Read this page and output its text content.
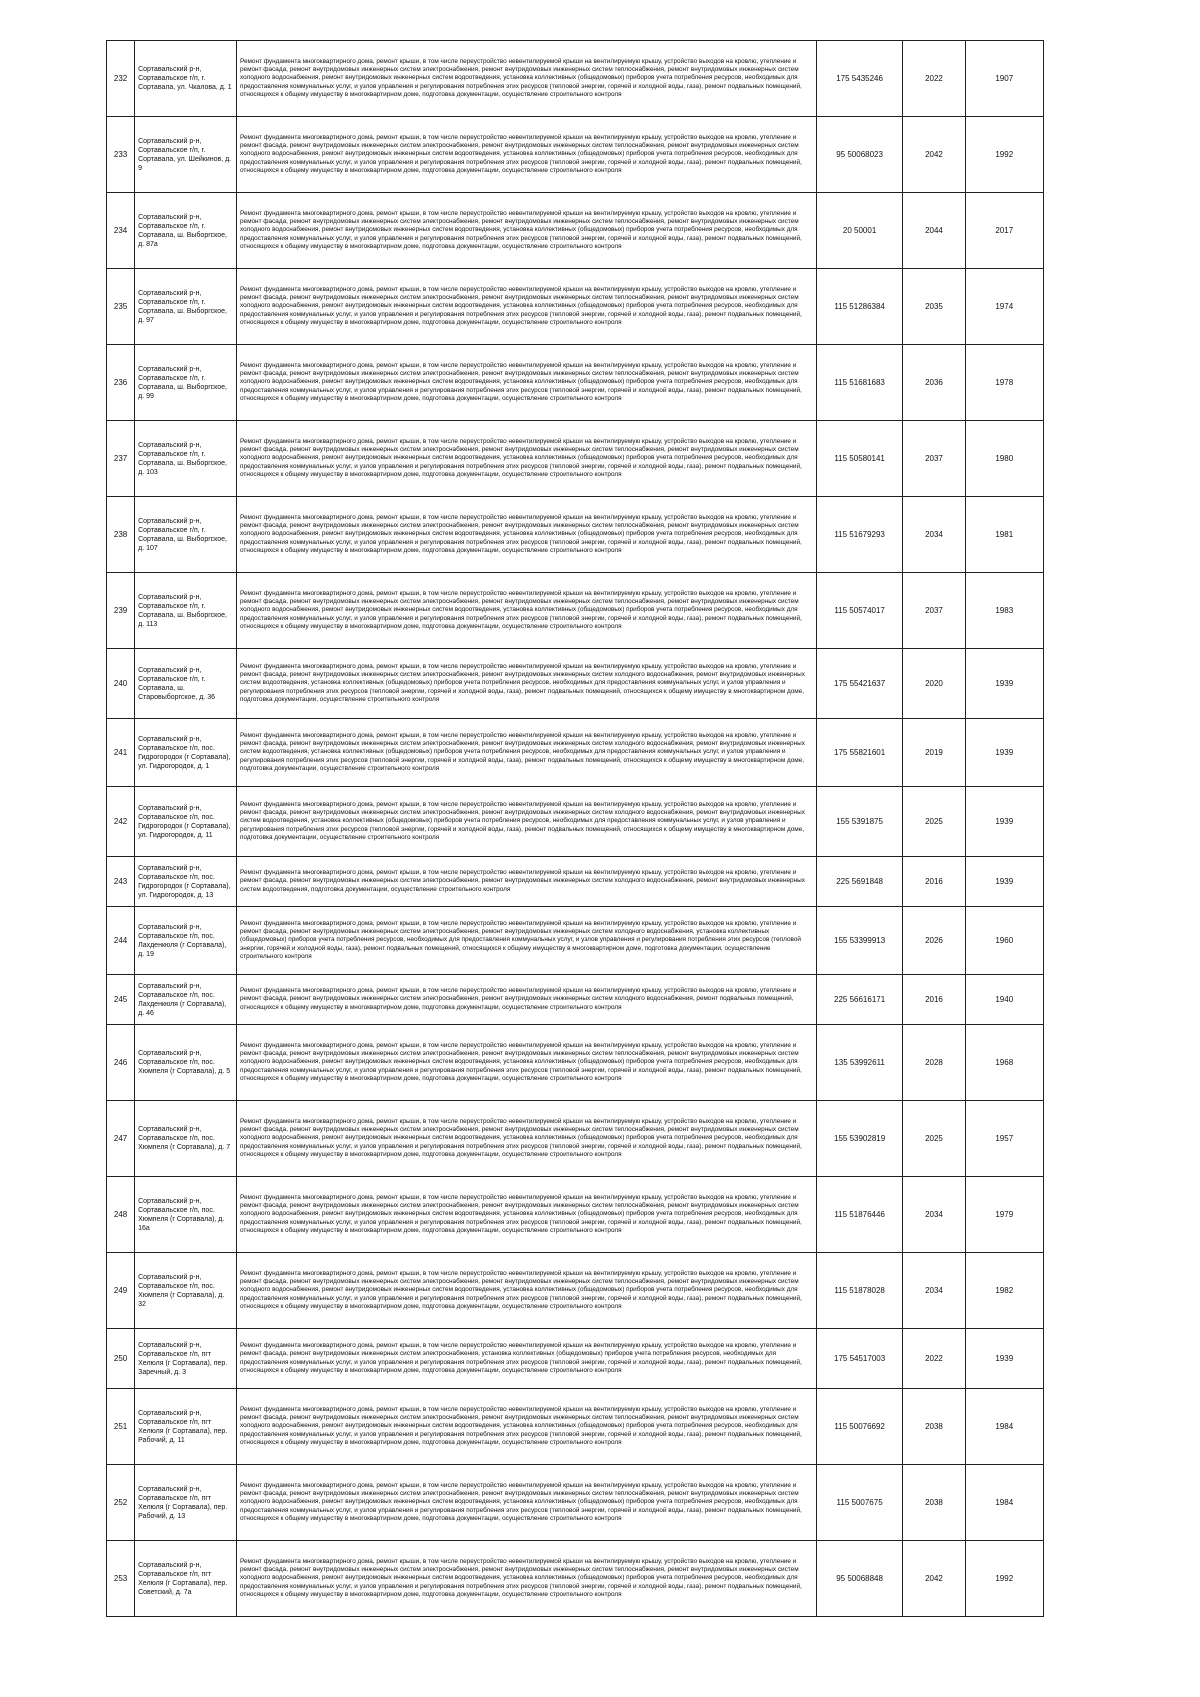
232	Сортавальский р-н, Сортавальское г/п, г. Сортавала, ул. Чкалова, д. 1	Ремонт фундамента многоквартирного дома, ремонт крыши, в том числе переустройство невентилируемой крыши на вентилируемую крышу, устройство выходов на кровлю, утепление и ремонт фасада, ремонт внутридомовых инженерных систем электроснабжения, ремонт внутридомовых инженерных систем теплоснабжения, ремонт внутридомовых инженерных систем холодного водоснабжения, ремонт внутридомовых инженерных систем водоотведения, установка коллективных (общедомовых) приборов учета потребления ресурсов, необходимых для предоставления коммунальных услуг, и узлов управления и регулирования потребления этих ресурсов (тепловой энергии, горячей и холодной воды, газа), ремонт подвальных помещений, относящихся к общему имуществу в многоквартирном доме, подготовка документации, осуществление строительного контроля	175 5435246	2022	1907
233	Сортавальский р-н, Сортавальское г/п, г. Сортавала, ул. Шейкинов, д. 9	Ремонт фундамента многоквартирного дома, ремонт крыши, в том числе переустройство невентилируемой крыши на вентилируемую крышу, устройство выходов на кровлю, утепление и ремонт фасада, ремонт внутридомовых инженерных систем электроснабжения, ремонт внутридомовых инженерных систем теплоснабжения, ремонт внутридомовых инженерных систем холодного водоснабжения, ремонт внутридомовых инженерных систем водоотведения, установка коллективных (общедомовых) приборов учета потребления ресурсов, необходимых для предоставления коммунальных услуг, и узлов управления и регулирования потребления этих ресурсов (тепловой энергии, горячей и холодной воды, газа), ремонт подвальных помещений, относящихся к общему имуществу в многоквартирном доме, подготовка документации, осуществление строительного контроля	95 50068023	2042	1992
234	Сортавальский р-н, Сортавальское г/п, г. Сортавала, ш. Выборгское, д. 87а	Ремонт фундамента многоквартирного дома, ремонт крыши, в том числе переустройство невентилируемой крыши на вентилируемую крышу, устройство выходов на кровлю, утепление и ремонт фасада, ремонт внутридомовых инженерных систем электроснабжения, ремонт внутридомовых инженерных систем теплоснабжения, ремонт внутридомовых инженерных систем холодного водоснабжения, ремонт внутридомовых инженерных систем водоотведения, установка коллективных (общедомовых) приборов учета потребления ресурсов, необходимых для предоставления коммунальных услуг, и узлов управления и регулирования потребления этих ресурсов (тепловой энергии, горячей и холодной воды, газа), ремонт подвальных помещений, относящихся к общему имуществу в многоквартирном доме, подготовка документации, осуществление строительного контроля	20 50001	2044	2017
235	Сортавальский р-н, Сортавальское г/п, г. Сортавала, ш. Выборгское, д. 97	Ремонт фундамента многоквартирного дома, ремонт крыши, в том числе переустройство невентилируемой крыши на вентилируемую крышу, устройство выходов на кровлю, утепление и ремонт фасада, ремонт внутридомовых инженерных систем электроснабжения, ремонт внутридомовых инженерных систем теплоснабжения, ремонт внутридомовых инженерных систем холодного водоснабжения, ремонт внутридомовых инженерных систем водоотведения, установка коллективных (общедомовых) приборов учета потребления ресурсов, необходимых для предоставления коммунальных услуг, и узлов управления и регулирования потребления этих ресурсов (тепловой энергии, горячей и холодной воды, газа), ремонт подвальных помещений, относящихся к общему имуществу в многоквартирном доме, подготовка документации, осуществление строительного контроля	115 51286384	2035	1974
236	Сортавальский р-н, Сортавальское г/п, г. Сортавала, ш. Выборгское, д. 99	Ремонт фундамента многоквартирного дома, ремонт крыши, в том числе переустройство невентилируемой крыши на вентилируемую крышу, устройство выходов на кровлю, утепление и ремонт фасада, ремонт внутридомовых инженерных систем электроснабжения, ремонт внутридомовых инженерных систем теплоснабжения, ремонт внутридомовых инженерных систем холодного водоснабжения, ремонт внутридомовых инженерных систем водоотведения, установка коллективных (общедомовых) приборов учета потребления ресурсов, необходимых для предоставления коммунальных услуг, и узлов управления и регулирования потребления этих ресурсов (тепловой энергии, горячей и холодной воды, газа), ремонт подвальных помещений, относящихся к общему имуществу в многоквартирном доме, подготовка документации, осуществление строительного контроля	115 51681683	2036	1978
237	Сортавальский р-н, Сортавальское г/п, г. Сортавала, ш. Выборгское, д. 103	Ремонт фундамента многоквартирного дома, ремонт крыши, в том числе переустройство невентилируемой крыши на вентилируемую крышу, устройство выходов на кровлю, утепление и ремонт фасада, ремонт внутридомовых инженерных систем электроснабжения, ремонт внутридомовых инженерных систем теплоснабжения, ремонт внутридомовых инженерных систем холодного водоснабжения, ремонт внутридомовых инженерных систем водоотведения, установка коллективных (общедомовых) приборов учета потребления ресурсов, необходимых для предоставления коммунальных услуг, и узлов управления и регулирования потребления этих ресурсов (тепловой энергии, горячей и холодной воды, газа), ремонт подвальных помещений, относящихся к общему имуществу в многоквартирном доме, подготовка документации, осуществление строительного контроля	115 50580141	2037	1980
238	Сортавальский р-н, Сортавальское г/п, г. Сортавала, ш. Выборгское, д. 107	Ремонт фундамента многоквартирного дома, ремонт крыши, в том числе переустройство невентилируемой крыши на вентилируемую крышу, устройство выходов на кровлю, утепление и ремонт фасада, ремонт внутридомовых инженерных систем электроснабжения, ремонт внутридомовых инженерных систем теплоснабжения, ремонт внутридомовых инженерных систем холодного водоснабжения, ремонт внутридомовых инженерных систем водоотведения, установка коллективных (общедомовых) приборов учета потребления ресурсов, необходимых для предоставления коммунальных услуг, и узлов управления и регулирования потребления этих ресурсов (тепловой энергии, горячей и холодной воды, газа), ремонт подвальных помещений, относящихся к общему имуществу в многоквартирном доме, подготовка документации, осуществление строительного контроля	115 51679293	2034	1981
239	Сортавальский р-н, Сортавальское г/п, г. Сортавала, ш. Выборгское, д. 113	Ремонт фундамента многоквартирного дома, ремонт крыши, в том числе переустройство невентилируемой крыши на вентилируемую крышу, устройство выходов на кровлю, утепление и ремонт фасада, ремонт внутридомовых инженерных систем электроснабжения, ремонт внутридомовых инженерных систем теплоснабжения, ремонт внутридомовых инженерных систем холодного водоснабжения, ремонт внутридомовых инженерных систем водоотведения, установка коллективных (общедомовых) приборов учета потребления ресурсов, необходимых для предоставления коммунальных услуг, и узлов управления и регулирования потребления этих ресурсов (тепловой энергии, горячей и холодной воды, газа), ремонт подвальных помещений, относящихся к общему имуществу в многоквартирном доме, подготовка документации, осуществление строительного контроля	115 50574017	2037	1983
240	Сортавальский р-н, Сортавальское г/п, г. Сортавала, ш. Старовыборгское, д. 36	Ремонт фундамента многоквартирного дома, ремонт крыши, в том числе переустройство невентилируемой крыши на вентилируемую крышу, устройство выходов на кровлю, утепление и ремонт фасада, ремонт внутридомовых инженерных систем электроснабжения, ремонт внутридомовых инженерных систем холодного водоснабжения, ремонт внутридомовых инженерных систем водоотведения, установка коллективных (общедомовых) приборов учета потребления ресурсов, необходимых для предоставления коммунальных услуг, и узлов управления и регулирования потребления этих ресурсов (тепловой энергии, горячей и холодной воды, газа), ремонт подвальных помещений, относящихся к общему имуществу в многоквартирном доме, подготовка документации, осуществление строительного контроля	175 55421637	2020	1939
241	Сортавальский р-н, Сортавальское г/п, пос. Гидрогородок (г Сортавала), ул. Гидрогородок, д. 1	Ремонт фундамента многоквартирного дома, ремонт крыши, в том числе переустройство невентилируемой крыши на вентилируемую крышу, устройство выходов на кровлю, утепление и ремонт фасада, ремонт внутридомовых инженерных систем электроснабжения, ремонт внутридомовых инженерных систем холодного водоснабжения, ремонт внутридомовых инженерных систем водоотведения, установка коллективных (общедомовых) приборов учета потребления ресурсов, необходимых для предоставления коммунальных услуг, и узлов управления и регулирования потребления этих ресурсов (тепловой энергии, горячей и холодной воды, газа), ремонт подвальных помещений, относящихся к общему имуществу в многоквартирном доме, подготовка документации, осуществление строительного контроля	175 55821601	2019	1939
242	Сортавальский р-н, Сортавальское г/п, пос. Гидрогородок (г Сортавала), ул. Гидрогородок, д. 11	Ремонт фундамента многоквартирного дома, ремонт крыши, в том числе переустройство невентилируемой крыши на вентилируемую крышу, устройство выходов на кровлю, утепление и ремонт фасада, ремонт внутридомовых инженерных систем электроснабжения, ремонт внутридомовых инженерных систем холодного водоснабжения, ремонт внутридомовых инженерных систем водоотведения, установка коллективных (общедомовых) приборов учета потребления ресурсов, необходимых для предоставления коммунальных услуг, и узлов управления и регулирования потребления этих ресурсов (тепловой энергии, горячей и холодной воды, газа), ремонт подвальных помещений, относящихся к общему имуществу в многоквартирном доме, подготовка документации, осуществление строительного контроля	155 5391875	2025	1939
243	Сортавальский р-н, Сортавальское г/п, пос. Гидрогородок (г Сортавала), ул. Гидрогородок, д. 13	Ремонт фундамента многоквартирного дома, ремонт крыши, в том числе переустройство невентилируемой крыши на вентилируемую крышу, устройство выходов на кровлю, утепление и ремонт фасада, ремонт внутридомовых инженерных систем электроснабжения, ремонт внутридомовых инженерных систем холодного водоснабжения, ремонт внутридомовых инженерных систем водоотведения, подготовка документации, осуществление строительного контроля	225 5691848	2016	1939
244	Сортавальский р-н, Сортавальское г/п, пос. Лахденкюля (г Сортавала), д. 19	Ремонт фундамента многоквартирного дома, ремонт крыши, в том числе переустройство невентилируемой крыши на вентилируемую крышу, устройство выходов на кровлю, утепление и ремонт фасада, ремонт внутридомовых инженерных систем электроснабжения, ремонт внутридомовых инженерных систем холодного водоснабжения, установка коллективных (общедомовых) приборов учета потребления ресурсов, необходимых для предоставления коммунальных услуг, и узлов управления и регулирования потребления этих ресурсов (тепловой энергии, горячей и холодной воды, газа), ремонт подвальных помещений, относящихся к общему имуществу в многоквартирном доме, подготовка документации, осуществление строительного контроля	155 53399913	2026	1960
245	Сортавальский р-н, Сортавальское г/п, пос. Лахденкюля (г Сортавала), д. 46	Ремонт фундамента многоквартирного дома, ремонт крыши, в том числе переустройство невентилируемой крыши на вентилируемую крышу, устройство выходов на кровлю, утепление и ремонт фасада, ремонт внутридомовых инженерных систем электроснабжения, ремонт внутридомовых инженерных систем холодного водоснабжения, ремонт подвальных помещений, относящихся к общему имуществу в многоквартирном доме, подготовка документации, осуществление строительного контроля	225 56616171	2016	1940
246	Сортавальский р-н, Сортавальское г/п, пос. Хюмпеля (г Сортавала), д. 5	Ремонт фундамента многоквартирного дома, ремонт крыши, в том числе переустройство невентилируемой крыши на вентилируемую крышу, устройство выходов на кровлю, утепление и ремонт фасада, ремонт внутридомовых инженерных систем электроснабжения, ремонт внутридомовых инженерных систем теплоснабжения, ремонт внутридомовых инженерных систем холодного водоснабжения, ремонт внутридомовых инженерных систем водоотведения, установка коллективных (общедомовых) приборов учета потребления ресурсов, необходимых для предоставления коммунальных услуг, и узлов управления и регулирования потребления этих ресурсов (тепловой энергии, горячей и холодной воды, газа), ремонт подвальных помещений, относящихся к общему имуществу в многоквартирном доме, подготовка документации, осуществление строительного контроля	135 53992611	2028	1968
247	Сортавальский р-н, Сортавальское г/п, пос. Хюмпеля (г Сортавала), д. 7	Ремонт фундамента многоквартирного дома, ремонт крыши, в том числе переустройство невентилируемой крыши на вентилируемую крышу, устройство выходов на кровлю, утепление и ремонт фасада, ремонт внутридомовых инженерных систем электроснабжения, ремонт внутридомовых инженерных систем теплоснабжения, ремонт внутридомовых инженерных систем холодного водоснабжения, ремонт внутридомовых инженерных систем водоотведения, установка коллективных (общедомовых) приборов учета потребления ресурсов, необходимых для предоставления коммунальных услуг, и узлов управления и регулирования потребления этих ресурсов (тепловой энергии, горячей и холодной воды, газа), ремонт подвальных помещений, относящихся к общему имуществу в многоквартирном доме, подготовка документации, осуществление строительного контроля	155 53902819	2025	1957
248	Сортавальский р-н, Сортавальское г/п, пос. Хюмпеля (г Сортавала), д. 16а	Ремонт фундамента многоквартирного дома, ремонт крыши, в том числе переустройство невентилируемой крыши на вентилируемую крышу, устройство выходов на кровлю, утепление и ремонт фасада, ремонт внутридомовых инженерных систем электроснабжения, ремонт внутридомовых инженерных систем теплоснабжения, ремонт внутридомовых инженерных систем холодного водоснабжения, ремонт внутридомовых инженерных систем водоотведения, установка коллективных (общедомовых) приборов учета потребления ресурсов, необходимых для предоставления коммунальных услуг, и узлов управления и регулирования потребления этих ресурсов (тепловой энергии, горячей и холодной воды, газа), ремонт подвальных помещений, относящихся к общему имуществу в многоквартирном доме, подготовка документации, осуществление строительного контроля	115 51876446	2034	1979
249	Сортавальский р-н, Сортавальское г/п, пос. Хюмпеля (г Сортавала), д. 32	Ремонт фундамента многоквартирного дома, ремонт крыши, в том числе переустройство невентилируемой крыши на вентилируемую крышу, устройство выходов на кровлю, утепление и ремонт фасада, ремонт внутридомовых инженерных систем электроснабжения, ремонт внутридомовых инженерных систем теплоснабжения, ремонт внутридомовых инженерных систем холодного водоснабжения, ремонт внутридомовых инженерных систем водоотведения, установка коллективных (общедомовых) приборов учета потребления ресурсов, необходимых для предоставления коммунальных услуг, и узлов управления и регулирования потребления этих ресурсов (тепловой энергии, горячей и холодной воды, газа), ремонт подвальных помещений, относящихся к общему имуществу в многоквартирном доме, подготовка документации, осуществление строительного контроля	115 51878028	2034	1982
250	Сортавальский р-н, Сортавальское г/п, пгт Хелюля (г Сортавала), пер. Заречный, д. 3	Ремонт фундамента многоквартирного дома, ремонт крыши, в том числе переустройство невентилируемой крыши на вентилируемую крышу, устройство выходов на кровлю, утепление и ремонт фасада, ремонт внутридомовых инженерных систем электроснабжения, установка коллективных (общедомовых) приборов учета потребления ресурсов, необходимых для предоставления коммунальных услуг, и узлов управления и регулирования потребления этих ресурсов (тепловой энергии, горячей и холодной воды, газа), ремонт подвальных помещений, относящихся к общему имуществу в многоквартирном доме, подготовка документации, осуществление строительного контроля	175 54517003	2022	1939
251	Сортавальский р-н, Сортавальское г/п, пгт Хелюля (г Сортавала), пер. Рабочий, д. 11	Ремонт фундамента многоквартирного дома, ремонт крыши, в том числе переустройство невентилируемой крыши на вентилируемую крышу, устройство выходов на кровлю, утепление и ремонт фасада, ремонт внутридомовых инженерных систем электроснабжения, ремонт внутридомовых инженерных систем теплоснабжения, ремонт внутридомовых инженерных систем холодного водоснабжения, ремонт внутридомовых инженерных систем водоотведения, установка коллективных (общедомовых) приборов учета потребления ресурсов, необходимых для предоставления коммунальных услуг, и узлов управления и регулирования потребления этих ресурсов (тепловой энергии, горячей и холодной воды, газа), ремонт подвальных помещений, относящихся к общему имуществу в многоквартирном доме, подготовка документации, осуществление строительного контроля	115 50076692	2038	1984
252	Сортавальский р-н, Сортавальское г/п, пгт Хелюля (г Сортавала), пер. Рабочий, д. 13	Ремонт фундамента многоквартирного дома, ремонт крыши, в том числе переустройство невентилируемой крыши на вентилируемую крышу, устройство выходов на кровлю, утепление и ремонт фасада, ремонт внутридомовых инженерных систем электроснабжения, ремонт внутридомовых инженерных систем теплоснабжения, ремонт внутридомовых инженерных систем холодного водоснабжения, ремонт внутридомовых инженерных систем водоотведения, установка коллективных (общедомовых) приборов учета потребления ресурсов, необходимых для предоставления коммунальных услуг, и узлов управления и регулирования потребления этих ресурсов (тепловой энергии, горячей и холодной воды, газа), ремонт подвальных помещений, относящихся к общему имуществу в многоквартирном доме, подготовка документации, осуществление строительного контроля	115 5007675	2038	1984
253	Сортавальский р-н, Сортавальское г/п, пгт Хелюля (г Сортавала), пер. Советский, д. 7а	Ремонт фундамента многоквартирного дома, ремонт крыши, в том числе переустройство невентилируемой крыши на вентилируемую крышу, устройство выходов на кровлю, утепление и ремонт фасада, ремонт внутридомовых инженерных систем электроснабжения, ремонт внутридомовых инженерных систем теплоснабжения, ремонт внутридомовых инженерных систем холодного водоснабжения, ремонт внутридомовых инженерных систем водоотведения, установка коллективных (общедомовых) приборов учета потребления ресурсов, необходимых для предоставления коммунальных услуг, и узлов управления и регулирования потребления этих ресурсов (тепловой энергии, горячей и холодной воды, газа), ремонт подвальных помещений, относящихся к общему имуществу в многоквартирном доме, подготовка документации, осуществление строительного контроля	95 50068848	2042	1992
